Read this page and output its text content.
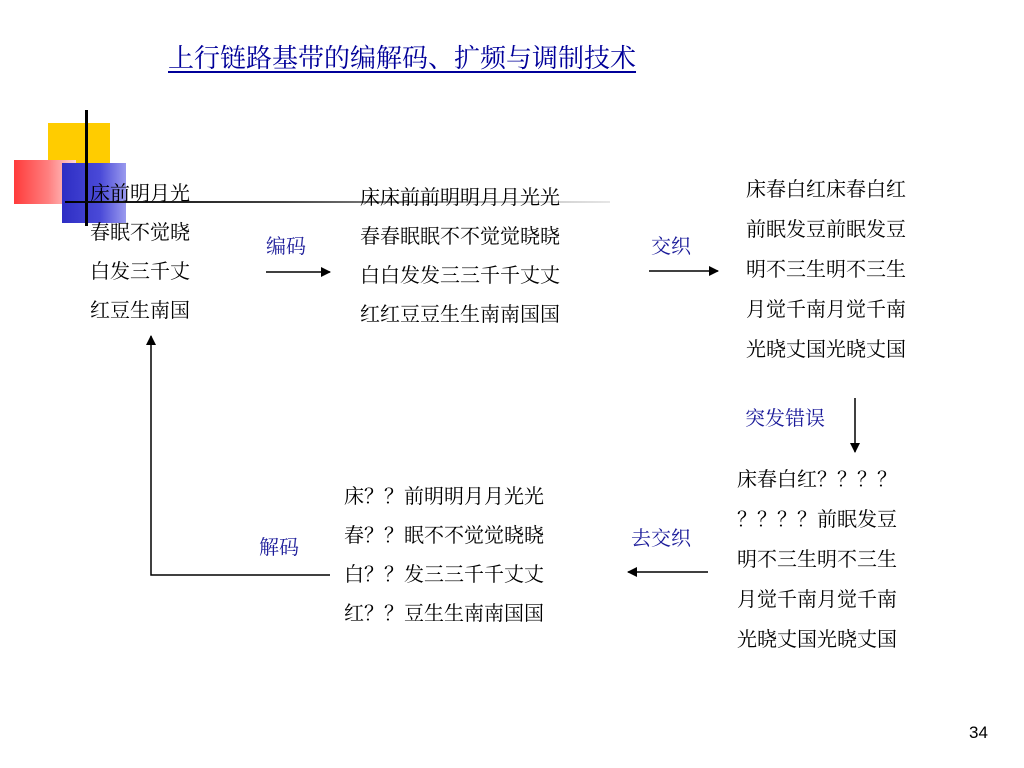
上行链路基带的编解码、扩频与调制技术
床前明月光
春眠不觉晓
白发三千丈
红豆生南国
床床前前明明月月光光
春春眠眠不不觉觉晓晓
白白发发三三千千丈丈
红红豆豆生生南南国国
床春白红床春白红
前眠发豆前眠发豆
明不三生明不三生
月觉千南月觉千南
光晓丈国光晓丈国
床春白红？？？？
？？？？前眠发豆
明不三生明不三生
月觉千南月觉千南
光晓丈国光晓丈国
床？？前明明月月光光
春？？眠不不觉觉晓晓
白？？发三三千千丈丈
红？？豆生生南南国国
编码	交织
突发错误
去交织
解码
34
